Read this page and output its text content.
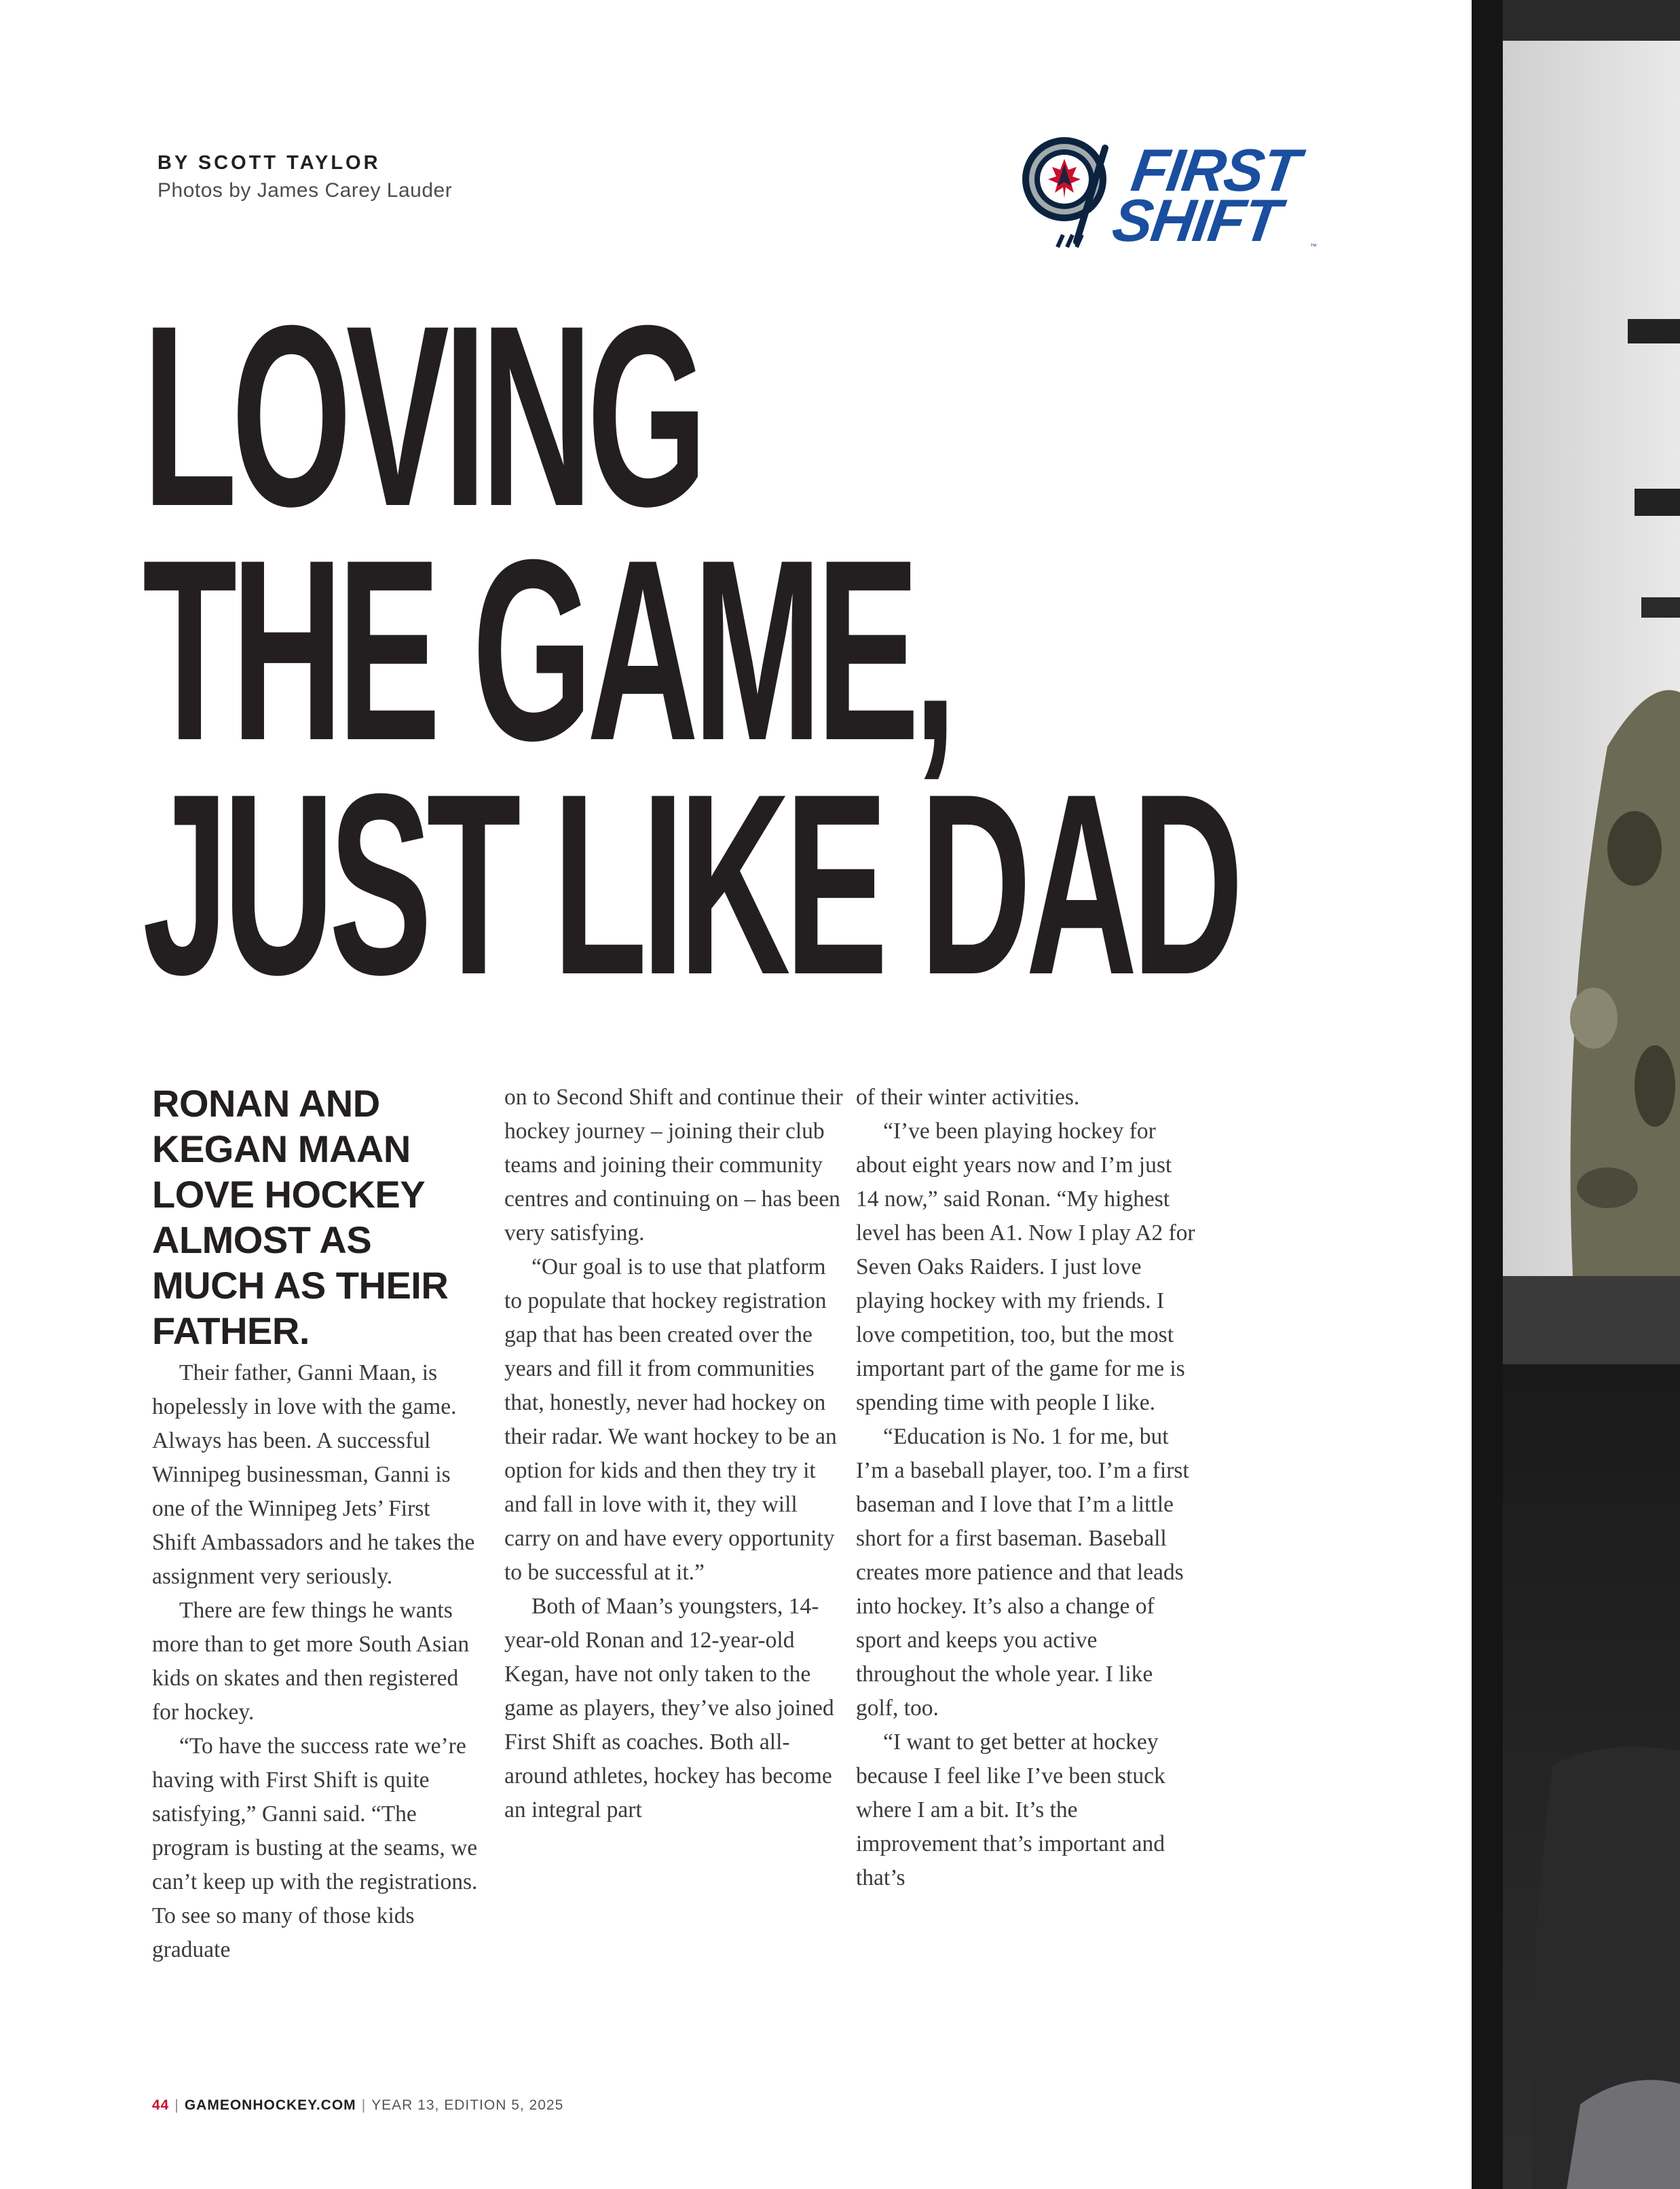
BY SCOTT TAYLOR
Photos by James Carey Lauder	FIRST
SHIFT	™
LOVING
THE GAME,
JUST LIKE DAD
RONAN AND KEGAN MAAN LOVE HOCKEY ALMOST AS MUCH AS THEIR FATHER.

Their father, Ganni Maan, is hopelessly in love with the game. Always has been. A successful Winnipeg businessman, Ganni is one of the Winnipeg Jets’ First Shift Ambassadors and he takes the assignment very seriously.

There are few things he wants more than to get more South Asian kids on skates and then registered for hockey.

“To have the success rate we’re having with First Shift is quite satisfying,” Ganni said. “The program is busting at the seams, we can’t keep up with the registrations. To see so many of those kids graduate

on to Second Shift and continue their hockey journey – joining their club teams and joining their community centres and continuing on – has been very satisfying.

“Our goal is to use that platform to populate that hockey registration gap that has been created over the years and fill it from communities that, honestly, never had hockey on their radar. We want hockey to be an option for kids and then they try it and fall in love with it, they will carry on and have every opportunity to be successful at it.”

Both of Maan’s youngsters, 14-year-old Ronan and 12-year-old Kegan, have not only taken to the game as players, they’ve also joined First Shift as coaches. Both all-around athletes, hockey has become an integral part

of their winter activities.

“I’ve been playing hockey for about eight years now and I’m just 14 now,” said Ronan. “My highest level has been A1. Now I play A2 for Seven Oaks Raiders. I just love playing hockey with my friends. I love competition, too, but the most important part of the game for me is spending time with people I like.

“Education is No. 1 for me, but I’m a baseball player, too. I’m a first baseman and I love that I’m a little short for a first baseman. Baseball creates more patience and that leads into hockey. It’s also a change of sport and keeps you active throughout the whole year. I like golf, too.

“I want to get better at hockey because I feel like I’ve been stuck where I am a bit. It’s the improvement that’s important and that’s

44 | GAMEONHOCKEY.COM | YEAR 13, EDITION 5, 2025
